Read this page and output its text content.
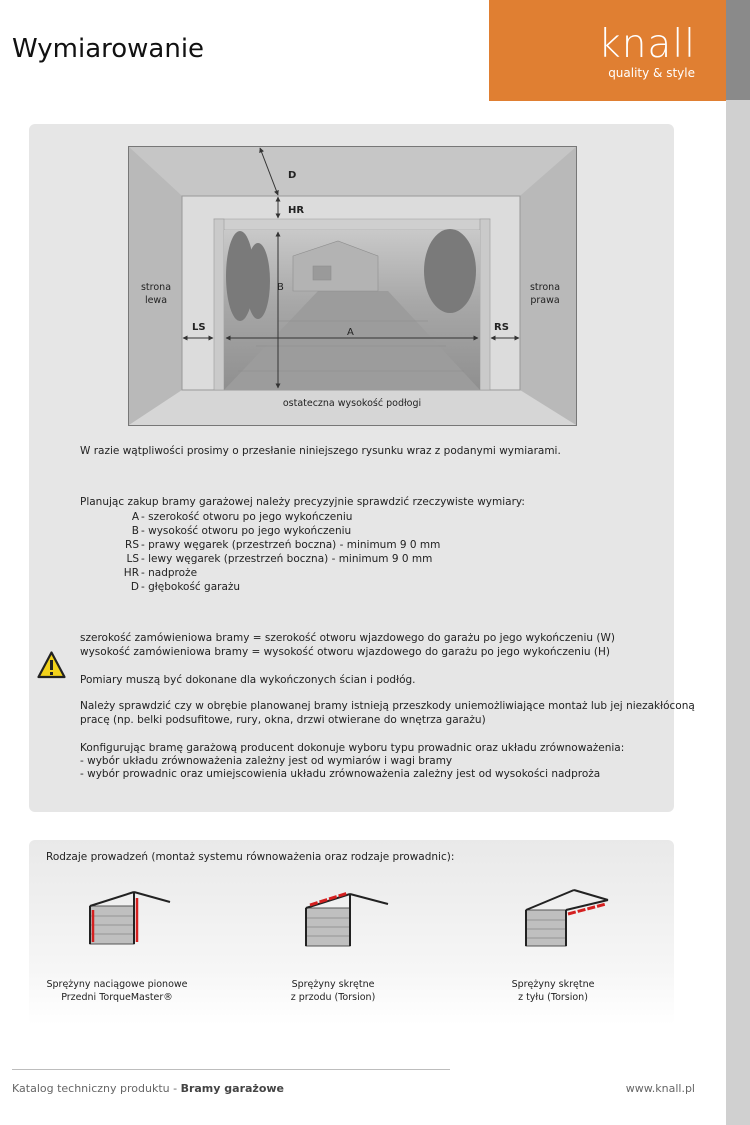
knall
quality & style
Wymiarowanie
D
HR
B
A
LS	RS
strona
lewa
strona
prawa
ostateczna wysokość podłogi
W razie wątpliwości prosimy o przesłanie niniejszego rysunku wraz z podanymi wymiarami.
Planując zakup bramy garażowej należy precyzyjnie sprawdzić rzeczywiste wymiary:
A - szerokość otworu po jego wykończeniu
B - wysokość otworu po jego wykończeniu
RS - prawy węgarek (przestrzeń boczna) - minimum 9 0 mm
LS - lewy węgarek (przestrzeń boczna) - minimum 9 0 mm
HR - nadproże
D - głębokość garażu
szerokość zamówieniowa bramy = szerokość otworu wjazdowego do garażu po jego wykończeniu (W)
wysokość zamówieniowa bramy = wysokość otworu wjazdowego do garażu po jego wykończeniu (H)
Pomiary muszą być dokonane dla wykończonych ścian i podłóg.
Należy sprawdzić czy w obrębie planowanej bramy istnieją przeszkody uniemożliwiające montaż lub jej niezakłóconą
pracę (np. belki podsufitowe, rury, okna, drzwi otwierane do wnętrza garażu)
Konfigurując bramę garażową producent dokonuje wyboru typu prowadnic oraz układu zrównoważenia:
- wybór układu zrównoważenia zależny jest od wymiarów i wagi bramy
- wybór prowadnic oraz umiejscowienia układu zrównoważenia zależny jest od wysokości nadproża
Rodzaje prowadzeń (montaż systemu równoważenia oraz rodzaje prowadnic):
Sprężyny naciągowe pionowe
Przedni TorqueMaster®
Sprężyny skrętne
z przodu (Torsion)
Sprężyny skrętne
z tyłu (Torsion)
Katalog techniczny produktu - Bramy garażowe	www.knall.pl
